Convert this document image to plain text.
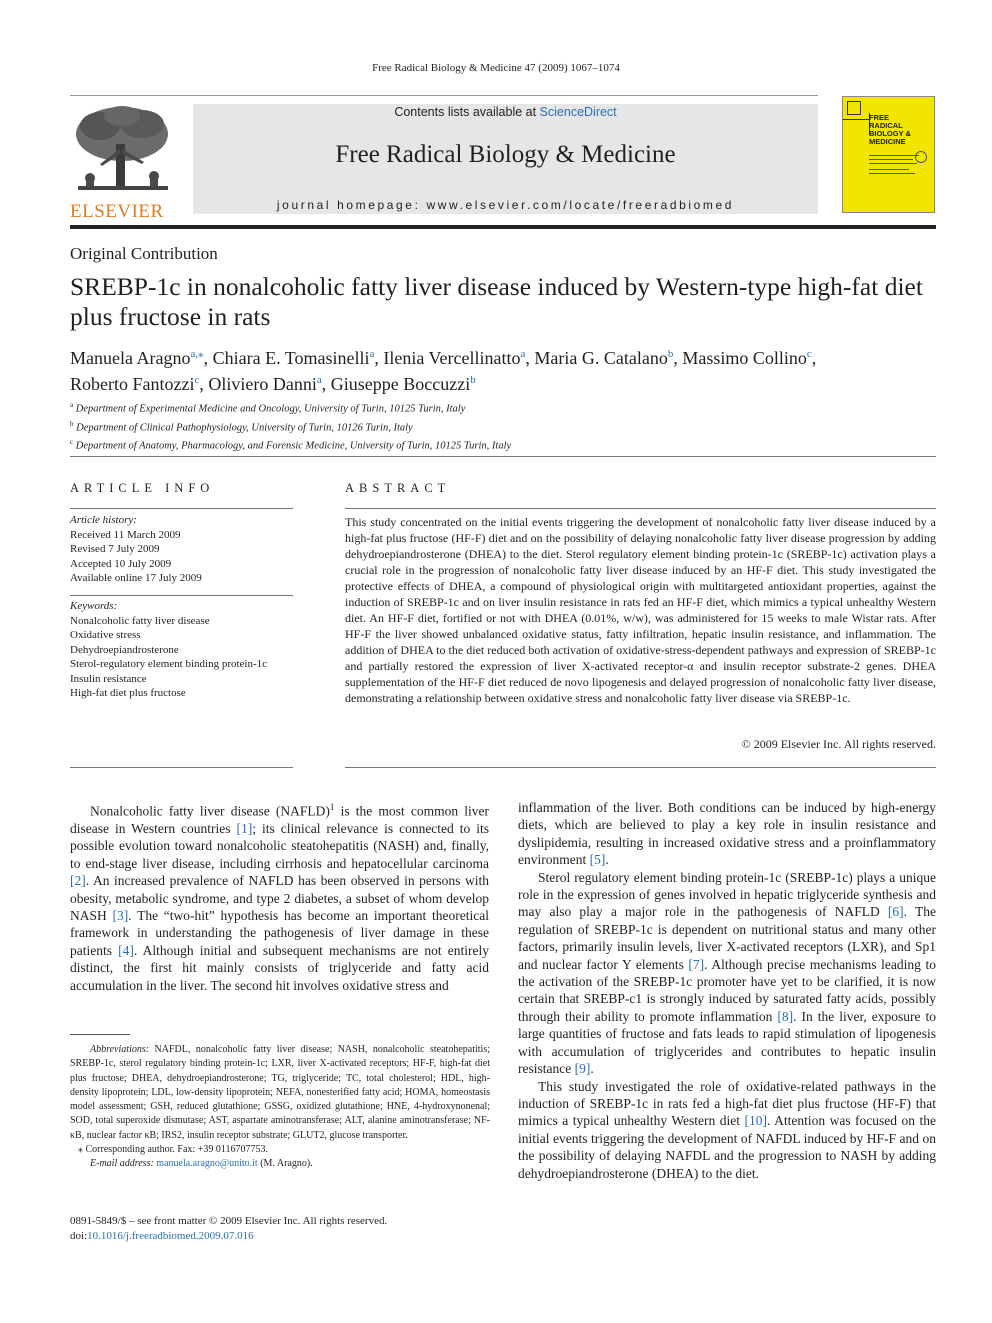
Free Radical Biology & Medicine 47 (2009) 1067–1074
ELSEVIER
Contents lists available at ScienceDirect
Free Radical Biology & Medicine
journal homepage: www.elsevier.com/locate/freeradbiomed
FREE
RADICAL
BIOLOGY &
MEDICINE
Original Contribution
SREBP-1c in nonalcoholic fatty liver disease induced by Western-type high-fat diet plus fructose in rats
Manuela Aragno$^{a,⁎}$, Chiara E. Tomasinelli$^a$, Ilenia Vercellinatto$^a$, Maria G. Catalano$^b$, Massimo Collino$^c$,
Roberto Fantozzi$^c$, Oliviero Danni$^a$, Giuseppe Boccuzzi$^b$
$^a$ Department of Experimental Medicine and Oncology, University of Turin, 10125 Turin, Italy
$^b$ Department of Clinical Pathophysiology, University of Turin, 10126 Turin, Italy
$^c$ Department of Anatomy, Pharmacology, and Forensic Medicine, University of Turin, 10125 Turin, Italy
ARTICLE INFO
Article history:
Received 11 March 2009
Revised 7 July 2009
Accepted 10 July 2009
Available online 17 July 2009
Keywords:
Nonalcoholic fatty liver disease
Oxidative stress
Dehydroepiandrosterone
Sterol-regulatory element binding protein-1c
Insulin resistance
High-fat diet plus fructose
ABSTRACT
This study concentrated on the initial events triggering the development of nonalcoholic fatty liver disease induced by a high-fat plus fructose (HF-F) diet and on the possibility of delaying nonalcoholic fatty liver disease progression by adding dehydroepiandrosterone (DHEA) to the diet. Sterol regulatory element binding protein-1c (SREBP-1c) activation plays a crucial role in the progression of nonalcoholic fatty liver disease induced by an HF-F diet. This study investigated the protective effects of DHEA, a compound of physiological origin with multitargeted antioxidant properties, against the induction of SREBP-1c and on liver insulin resistance in rats fed an HF-F diet, which mimics a typical unhealthy Western diet. An HF-F diet, fortified or not with DHEA (0.01%, w/w), was administered for 15 weeks to male Wistar rats. After HF-F the liver showed unbalanced oxidative status, fatty infiltration, hepatic insulin resistance, and inflammation. The addition of DHEA to the diet reduced both activation of oxidative-stress-dependent pathways and expression of SREBP-1c and partially restored the expression of liver X-activated receptor-α and insulin receptor substrate-2 genes. DHEA supplementation of the HF-F diet reduced de novo lipogenesis and delayed progression of nonalcoholic fatty liver disease, demonstrating a relationship between oxidative stress and nonalcoholic fatty liver disease via SREBP-1c.
© 2009 Elsevier Inc. All rights reserved.

Nonalcoholic fatty liver disease (NAFLD)$^1$ is the most common liver disease in Western countries [1]; its clinical relevance is connected to its possible evolution toward nonalcoholic steatohepatitis (NASH) and, finally, to end-stage liver disease, including cirrhosis and hepatocellular carcinoma [2]. An increased prevalence of NAFLD has been observed in persons with obesity, metabolic syndrome, and type 2 diabetes, a subset of whom develop NASH [3]. The “two-hit” hypothesis has become an important theoretical framework in understanding the pathogenesis of liver damage in these patients [4]. Although initial and subsequent mechanisms are not entirely distinct, the first hit mainly consists of triglyceride and fatty acid accumulation in the liver. The second hit involves oxidative stress and

inflammation of the liver. Both conditions can be induced by high-energy diets, which are believed to play a key role in insulin resistance and dyslipidemia, resulting in increased oxidative stress and a proinflammatory environment [5].

Sterol regulatory element binding protein-1c (SREBP-1c) plays a unique role in the expression of genes involved in hepatic triglyceride synthesis and may also play a major role in the pathogenesis of NAFLD [6]. The regulation of SREBP-1c is dependent on nutritional status and many other factors, primarily insulin levels, liver X-activated receptors (LXR), and Sp1 and nuclear factor Y elements [7]. Although precise mechanisms leading to the activation of the SREBP-1c promoter have yet to be clarified, it is now certain that SREBP-c1 is strongly induced by saturated fatty acids, possibly through their ability to promote inflammation [8]. In the liver, exposure to large quantities of fructose and fats leads to rapid stimulation of lipogenesis with accumulation of triglycerides and contributes to hepatic insulin resistance [9].

This study investigated the role of oxidative-related pathways in the induction of SREBP-1c in rats fed a high-fat diet plus fructose (HF-F) that mimics a typical unhealthy Western diet [10]. Attention was focused on the initial events triggering the development of NAFDL induced by HF-F and on the possibility of delaying NAFDL and the progression to NASH by adding dehydroepiandrosterone (DHEA) to the diet.

Abbreviations: NAFDL, nonalcoholic fatty liver disease; NASH, nonalcoholic steatohepatitis; SREBP-1c, sterol regulatory binding protein-1c; LXR, liver X-activated receptors; HF-F, high-fat diet plus fructose; DHEA, dehydroepiandrosterone; TG, triglyceride; TC, total cholesterol; HDL, high-density lipoprotein; LDL, low-density lipoprotein; NEFA, nonesterified fatty acid; HOMA, homeostasis model assessment; GSH, reduced glutathione; GSSG, oxidized glutathione; HNE, 4-hydroxynonenal; SOD, total superoxide dismutase; AST, aspartate aminotransferase; ALT, alanine aminotransferase; NF-κB, nuclear factor κB; IRS2, insulin receptor substrate; GLUT2, glucose transporter.

⁎ Corresponding author. Fax: +39 0116707753.

E-mail address: manuela.aragno@unito.it (M. Aragno).

0891-5849/$ – see front matter © 2009 Elsevier Inc. All rights reserved.
doi:10.1016/j.freeradbiomed.2009.07.016
